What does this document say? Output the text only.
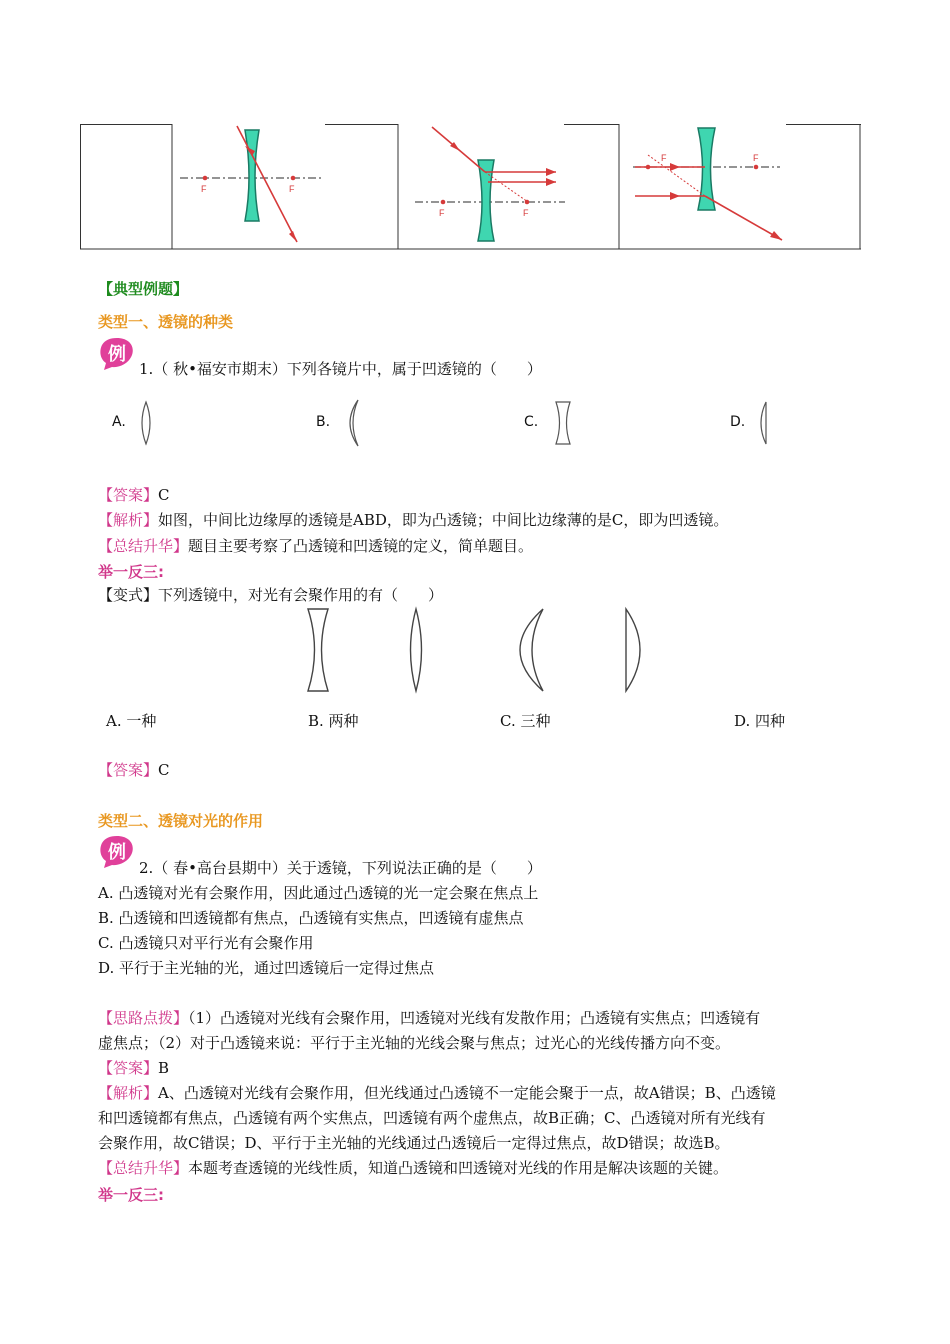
F	F
F	F
F	F
【典型例题】
类型一、透镜的种类
例
1.（ 秋•福安市期末）下列各镜片中，属于凹透镜的（　　）
A.	B.	C.	D.
【答案】C
【解析】如图，中间比边缘厚的透镜是ABD，即为凸透镜；中间比边缘薄的是C，即为凹透镜。
【总结升华】题目主要考察了凸透镜和凹透镜的定义，简单题目。
举一反三:
【变式】下列透镜中，对光有会聚作用的有（　　）
A. 一种	B. 两种	C. 三种	D. 四种
【答案】C
类型二、透镜对光的作用
例
2.（ 春•高台县期中）关于透镜，下列说法正确的是（　　）
A. 凸透镜对光有会聚作用，因此通过凸透镜的光一定会聚在焦点上
B. 凸透镜和凹透镜都有焦点，凸透镜有实焦点，凹透镜有虚焦点
C. 凸透镜只对平行光有会聚作用
D. 平行于主光轴的光，通过凹透镜后一定得过焦点
【思路点拨】（1）凸透镜对光线有会聚作用，凹透镜对光线有发散作用；凸透镜有实焦点；凹透镜有
虚焦点；（2）对于凸透镜来说：平行于主光轴的光线会聚与焦点；过光心的光线传播方向不变。
【答案】B
【解析】A、凸透镜对光线有会聚作用，但光线通过凸透镜不一定能会聚于一点，故A错误；B、凸透镜
和凹透镜都有焦点，凸透镜有两个实焦点，凹透镜有两个虚焦点，故B正确；C、凸透镜对所有光线有
会聚作用，故C错误；D、平行于主光轴的光线通过凸透镜后一定得过焦点，故D错误；故选B。
【总结升华】本题考查透镜的光线性质，知道凸透镜和凹透镜对光线的作用是解决该题的关键。
举一反三:
